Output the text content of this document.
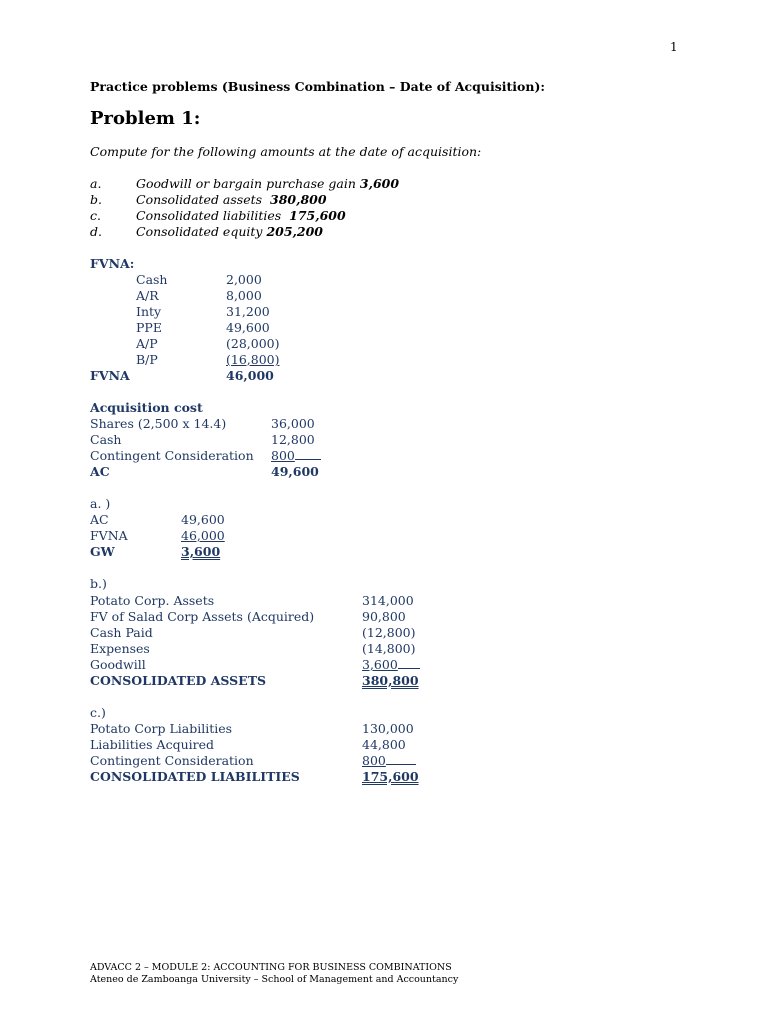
1
Practice problems (Business Combination – Date of Acquisition):
Problem 1:
Compute for the following amounts at the date of acquisition:
a.	Goodwill or bargain purchase gain 3,600
b.	Consolidated assets 380,800
c.	Consolidated liabilities 175,600
d.	Consolidated equity 205,200
FVNA:
Cash	2,000
A/R	8,000
Inty	31,200
PPE	49,600
A/P	(28,000)
B/P	(16,800)
FVNA	46,000
Acquisition cost
Shares (2,500 x 14.4)	36,000
Cash	12,800
Contingent Consideration 800
AC	49,600
a. )
AC	49,600
FVNA	46,000
GW	3,600
b.)
Potato Corp. Assets	314,000
FV of Salad Corp Assets (Acquired)	90,800
Cash Paid	(12,800)
Expenses	(14,800)
Goodwill	3,600
CONSOLIDATED ASSETS	380,800
c.)
Potato Corp Liabilities	130,000
Liabilities Acquired	44,800
Contingent Consideration	800
CONSOLIDATED LIABILITIES	175,600
ADVACC 2 – MODULE 2: ACCOUNTING FOR BUSINESS COMBINATIONS
Ateneo de Zamboanga University – School of Management and Accountancy
